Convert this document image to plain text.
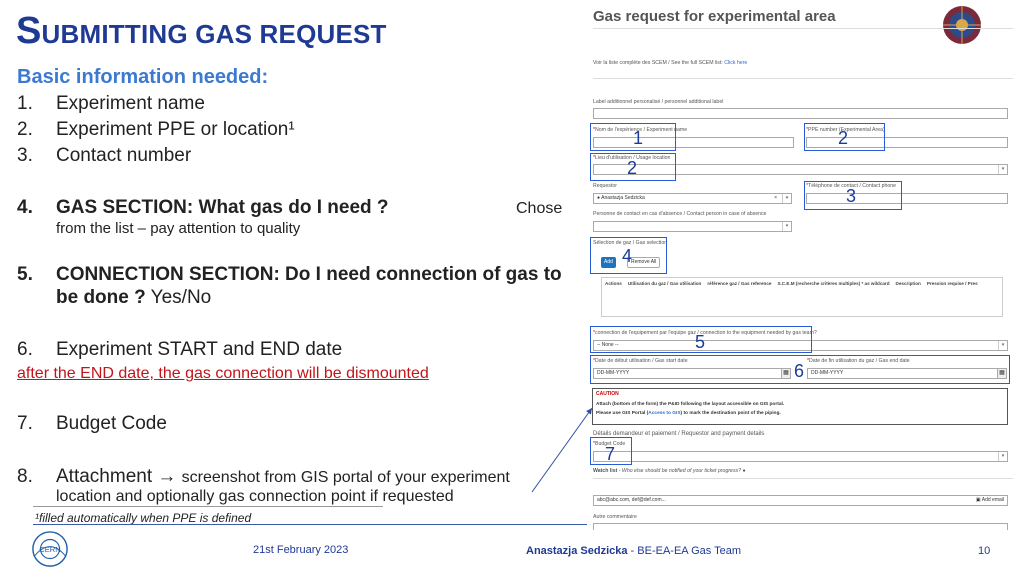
SUBMITTING GAS REQUEST
Basic information needed:
1. Experiment name
2. Experiment PPE or location¹
3. Contact number
4. GAS SECTION: What gas do I need ?
from the list – pay attention to quality
Chose
5. CONNECTION SECTION: Do I need connection of gas to
be done ? Yes/No
6. Experiment START and END date
after the END date, the gas connection will be dismounted
7. Budget Code
8. Attachment → screenshot from GIS portal of your experiment
location and optionally gas connection point if requested
¹filled automatically when PPE is defined
CERN	21st February 2023	Anastazja Sedzicka - BE-EA-EA Gas Team	10
Gas request for experimental area
Voir la liste complète des SCEM / See the full SCEM list: Click here
Label additionnel personalisé / personnel additional label
*Nom de l'expérience / Experiment name	*PPE number (Experimental Area)
*Lieu d'utilisation / Usage location
▾
Requestor
● Anastazja Sedzicka	×	▾
*Téléphone de contact / Contact phone
Personne de contact en cas d'absence / Contact person in case of absence
▾
Sélection de gaz / Gas selection
Add	Remove All
Actions	Utilisation du gaz / Gas utilisation	référence gaz / Gas reference	S.C.E.M (recherche critères multiples) * as wildcard	Description	Pression requise / Pres
*connection de l'equipement par l'equipe gaz / connection to the equipment needed by gas team?
-- None --	▾
*Date de début utilisation / Gas start date
DD-MM-YYYY	▦
*Date de fin utilisation du gaz / Gas end date
DD-MM-YYYY	▦
CAUTION
Attach (bottom of the form) the P&ID following the layout accessible on GIS portal.
Please use GIS Portal (Access to GIS) to mark the destination point of the piping.
Détails demandeur et paiement / Requestor and payment details
*Budget Code
▾
Watch list - Who else should be notified of your ticket progress? ●
abc@abc.com, def@def.com...	▣ Add email
Autre commentaire
1	2
2
3
4
5
6
7
